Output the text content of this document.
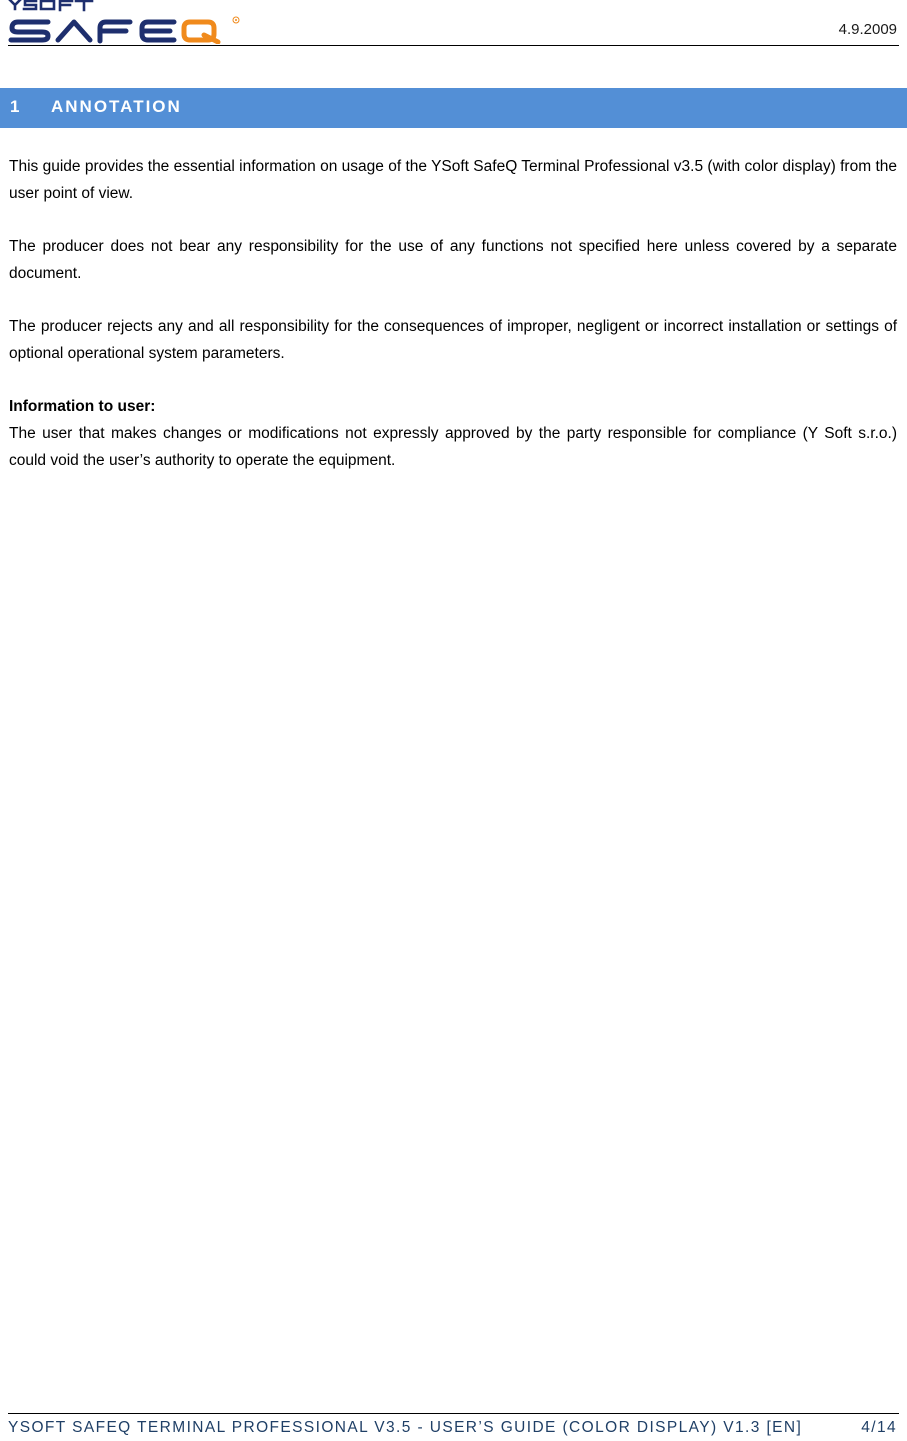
4.9.2009
1 ANNOTATION

This guide provides the essential information on usage of the YSoft SafeQ Terminal Professional v3.5 (with color display) from the user point of view.

The producer does not bear any responsibility for the use of any functions not specified here unless covered by a separate document.

The producer rejects any and all responsibility for the consequences of improper, negligent or incorrect installation or settings of optional operational system parameters.

Information to user:
The user that makes changes or modifications not expressly approved by the party responsible for compliance (Y Soft s.r.o.) could void the user’s authority to operate the equipment.

YSOFT SAFEQ TERMINAL PROFESSIONAL V3.5 - USER’S GUIDE (COLOR DISPLAY) V1.3 [EN]	4/14
